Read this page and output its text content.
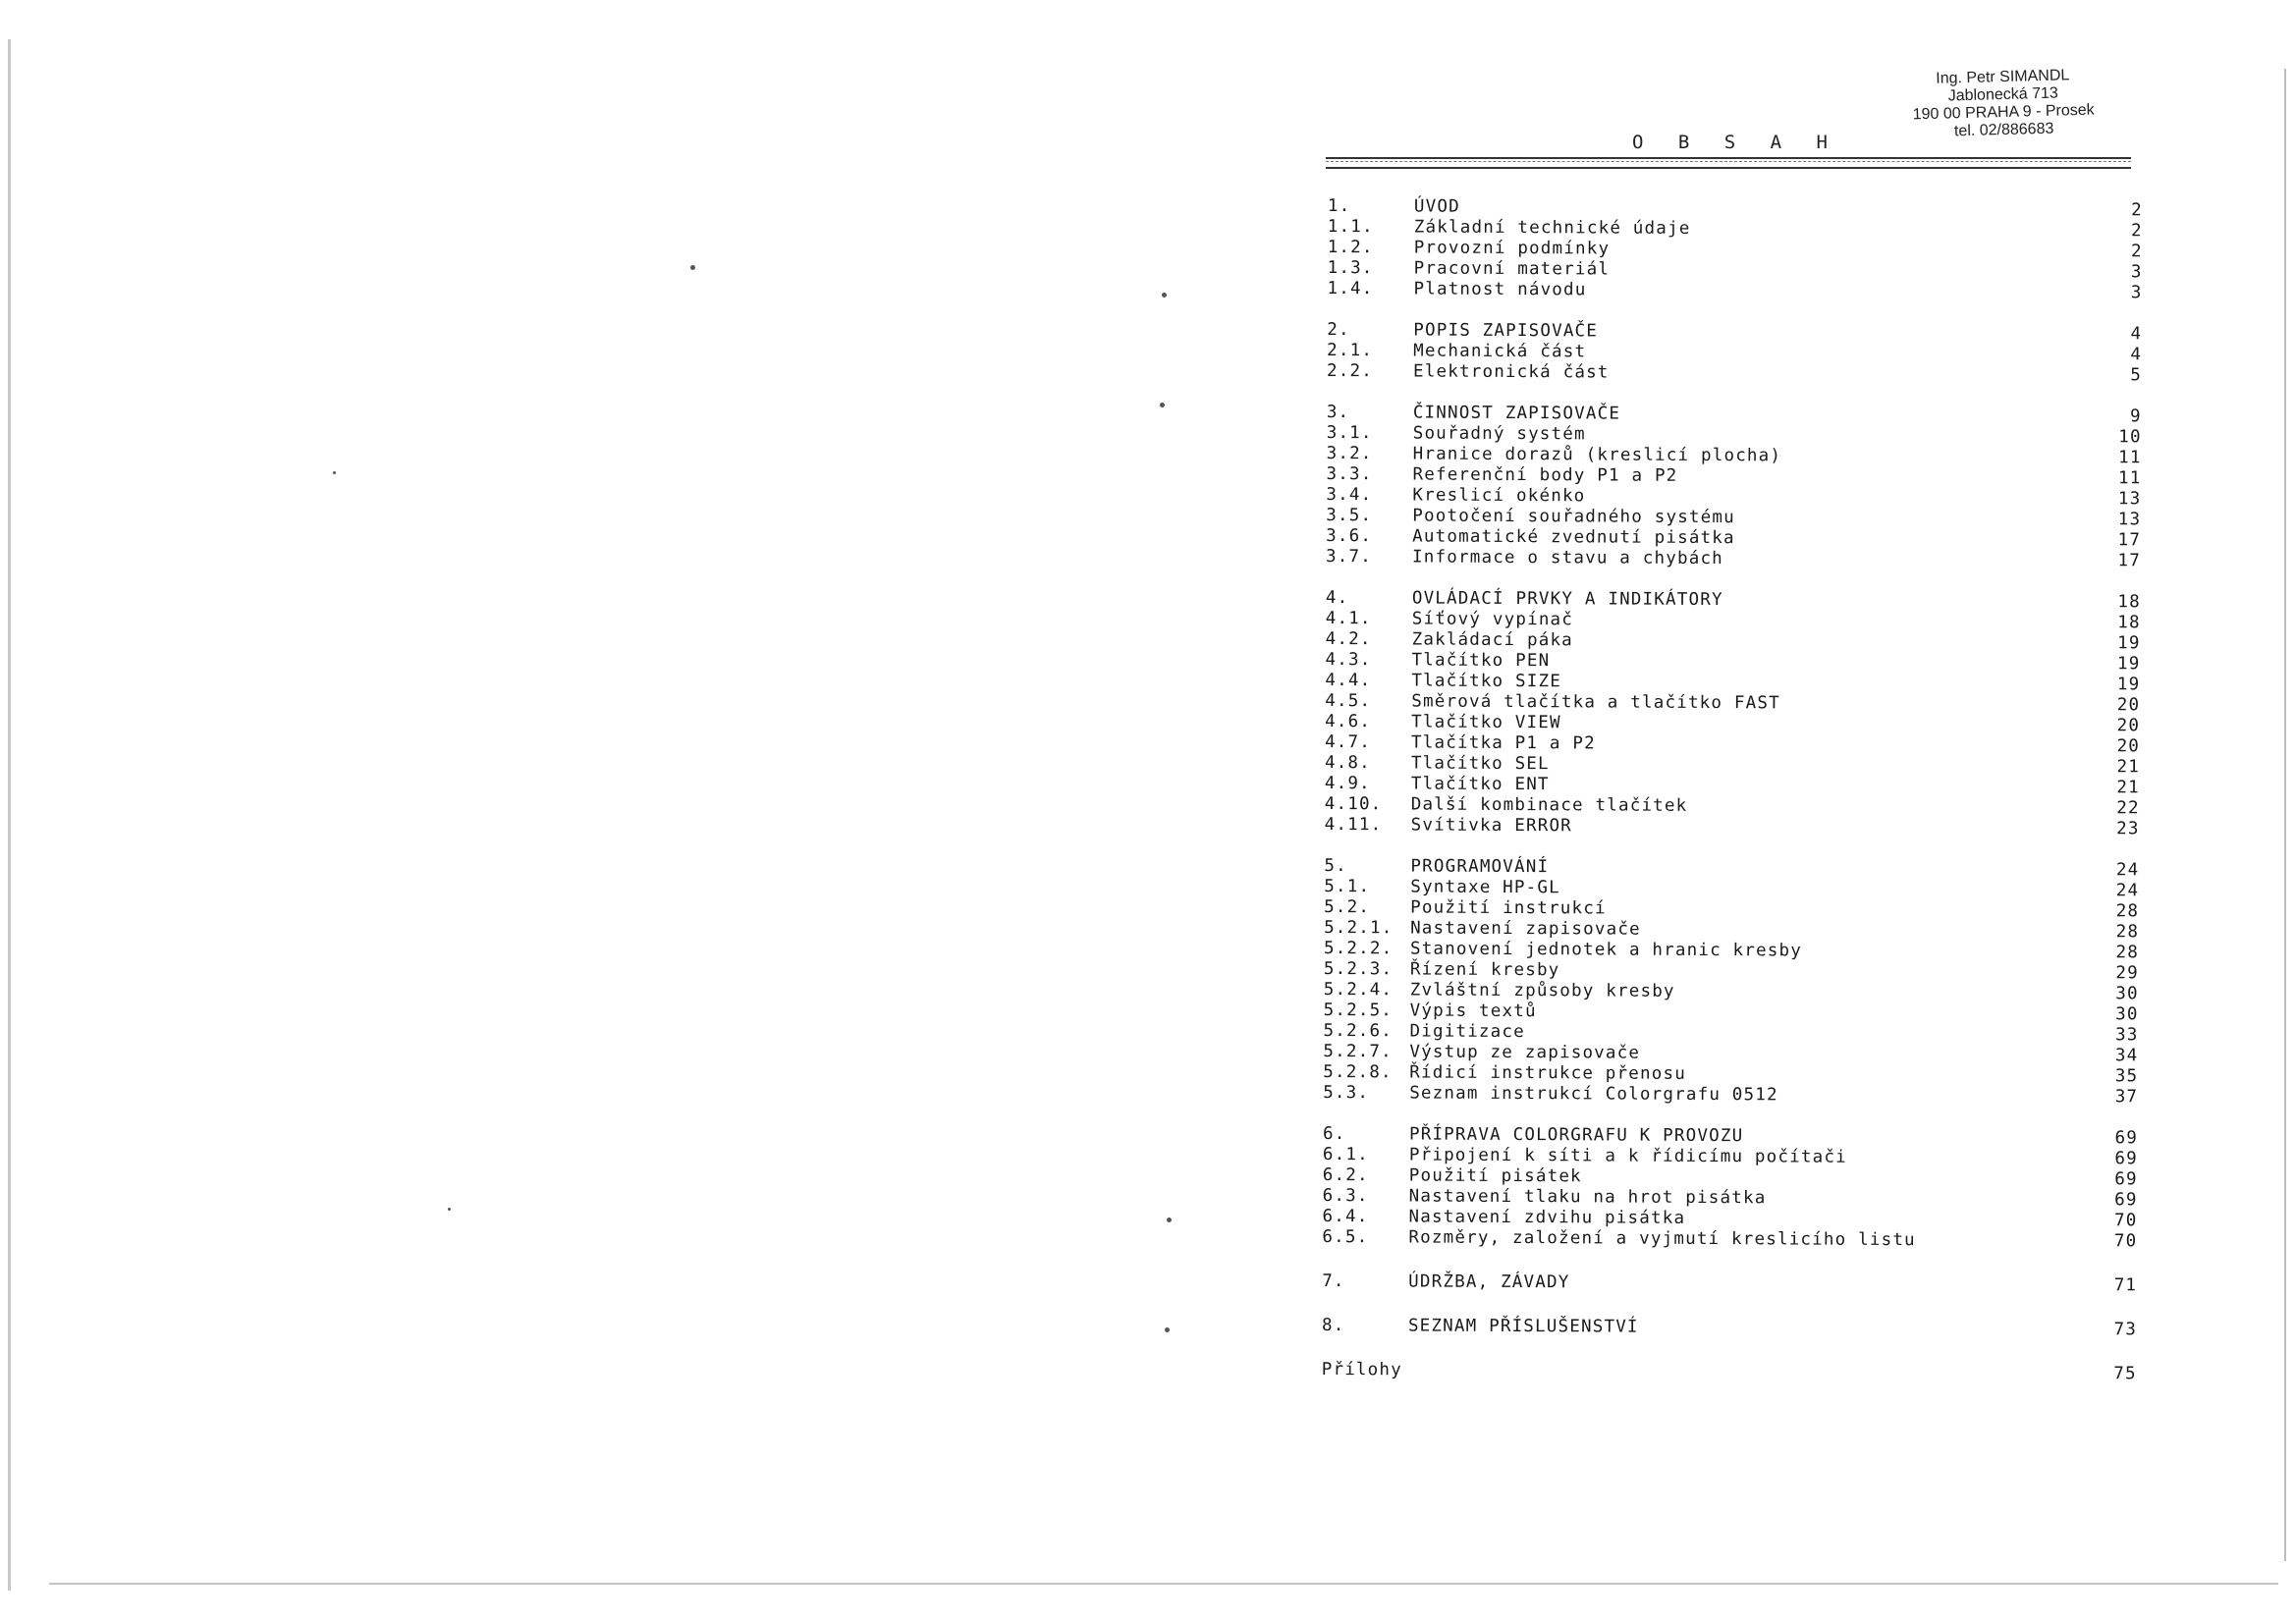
Ing. Petr SIMANDL
Jablonecká 713
190 00 PRAHA 9 - Prosek
tel. 02/886683
O B S A H
1.	ÚVOD	2
1.1. Základní technické údaje	2
1.2. Provozní podmínky	2
1.3. Pracovní materiál	3
1.4. Platnost návodu	3
2.	POPIS ZAPISOVAČE	4
2.1. Mechanická část	4
2.2. Elektronická část	5
3.	ČINNOST ZAPISOVAČE	9
3.1. Souřadný systém	10
3.2. Hranice dorazů (kreslicí plocha)	11
3.3. Referenční body P1 a P2	11
3.4. Kreslicí okénko	13
3.5. Pootočení souřadného systému	13
3.6. Automatické zvednutí pisátka	17
3.7. Informace o stavu a chybách	17
4.	OVLÁDACÍ PRVKY A INDIKÁTORY	18
4.1. Síťový vypínač	18
4.2. Zakládací páka	19
4.3. Tlačítko PEN	19
4.4. Tlačítko SIZE	19
4.5. Směrová tlačítka a tlačítko FAST	20
4.6. Tlačítko VIEW	20
4.7. Tlačítka P1 a P2	20
4.8. Tlačítko SEL	21
4.9. Tlačítko ENT	21
4.10. Další kombinace tlačítek	22
4.11. Svítivka ERROR	23
5.	PROGRAMOVÁNÍ	24
5.1. Syntaxe HP-GL	24
5.2. Použití instrukcí	28
5.2.1. Nastavení zapisovače	28
5.2.2. Stanovení jednotek a hranic kresby	28
5.2.3. Řízení kresby	29
5.2.4. Zvláštní způsoby kresby	30
5.2.5. Výpis textů	30
5.2.6. Digitizace	33
5.2.7. Výstup ze zapisovače	34
5.2.8. Řídicí instrukce přenosu	35
5.3. Seznam instrukcí Colorgrafu 0512	37
6.	PŘÍPRAVA COLORGRAFU K PROVOZU	69
6.1. Připojení k síti a k řídicímu počítači	69
6.2. Použití pisátek	69
6.3. Nastavení tlaku na hrot pisátka	69
6.4. Nastavení zdvihu pisátka	70
6.5. Rozměry, založení a vyjmutí kreslicího listu	70
7.	ÚDRŽBA, ZÁVADY	71
8.	SEZNAM PŘÍSLUŠENSTVÍ	73
Přílohy	75
